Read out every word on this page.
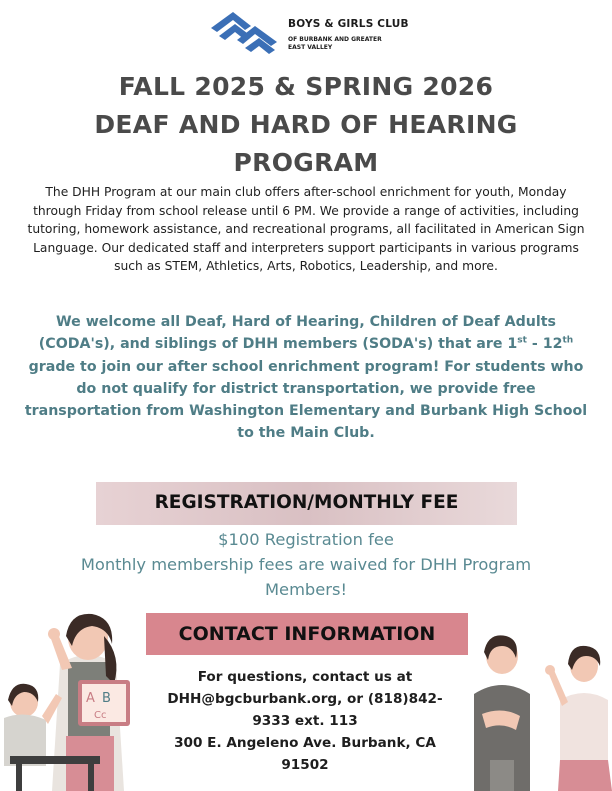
BOYS & GIRLS CLUB
OF BURBANK AND GREATER
EAST VALLEY
FALL 2025 & SPRING 2026
DEAF AND HARD OF HEARING
PROGRAM
The DHH Program at our main club offers after-school enrichment for youth, Monday through Friday from school release until 6 PM. We provide a range of activities, including tutoring, homework assistance, and recreational programs, all facilitated in American Sign Language. Our dedicated staff and interpreters support participants in various programs such as STEM, Athletics, Arts, Robotics, Leadership, and more.
We welcome all Deaf, Hard of Hearing, Children of Deaf Adults (CODA's), and siblings of DHH members (SODA's) that are 1st - 12th grade to join our after school enrichment program! For students who do not qualify for district transportation, we provide free transportation from Washington Elementary and Burbank High School to the Main Club.
REGISTRATION/MONTHLY FEE
$100 Registration fee
Monthly membership fees are waived for DHH Program Members!
CONTACT INFORMATION
For questions, contact us at
DHH@bgcburbank.org, or (818)842-9333 ext. 113
300 E. Angeleno Ave. Burbank, CA 91502
A B
Cc
